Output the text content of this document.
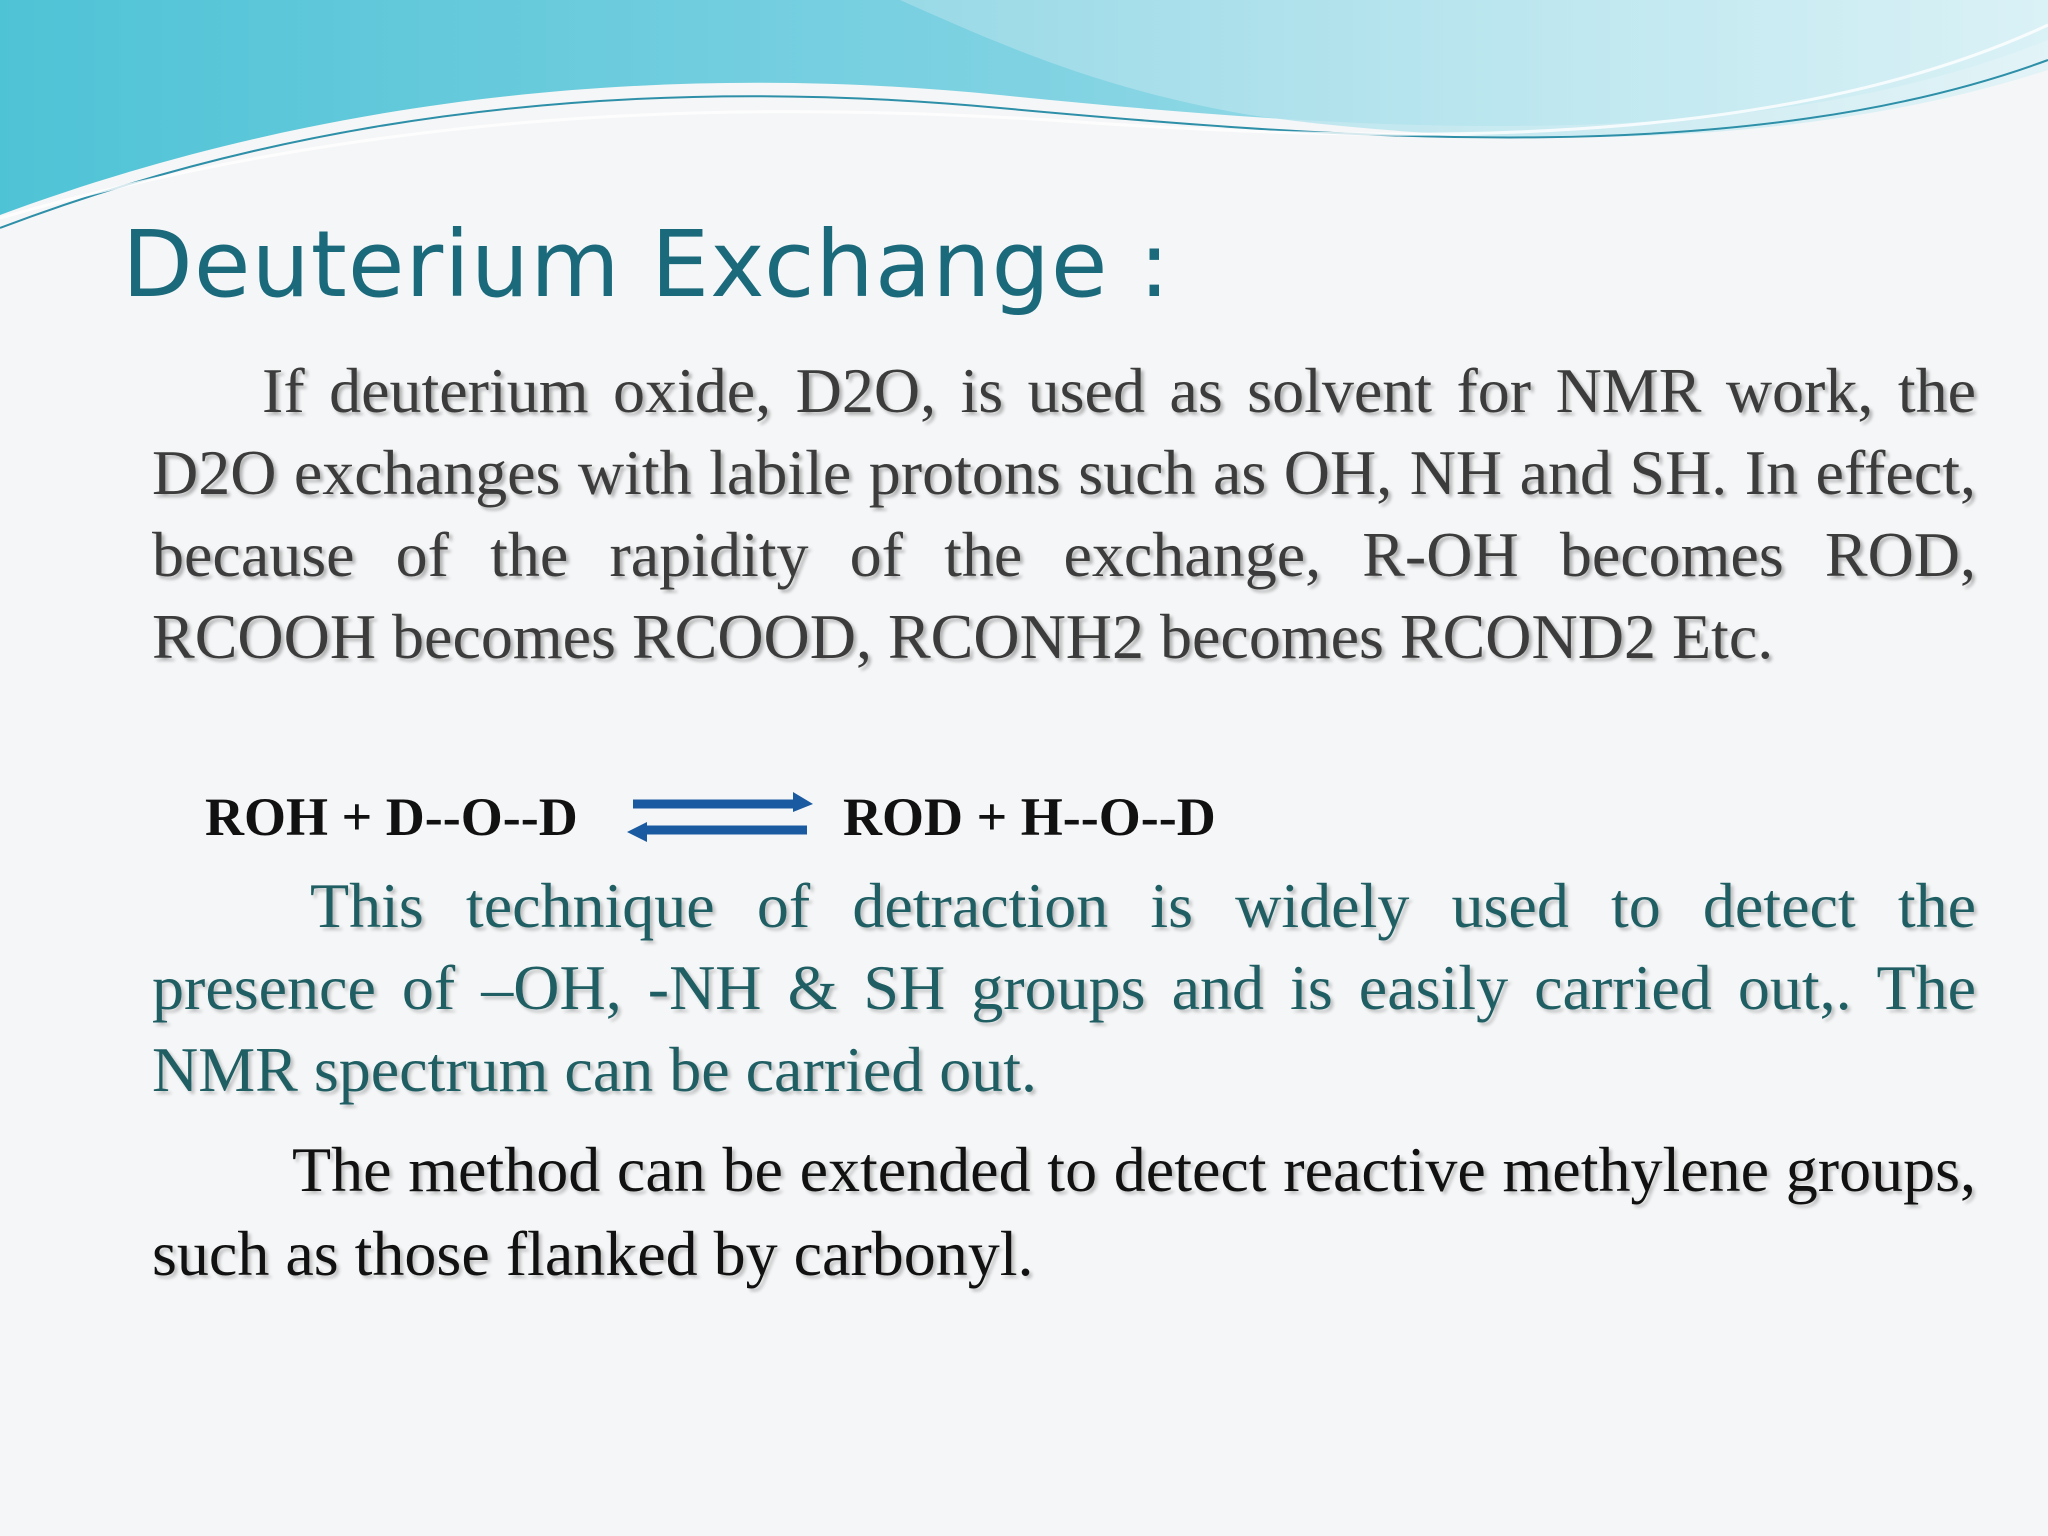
Deuterium Exchange :

If deuterium oxide, D2O, is used as solvent for NMR work, the D2O exchanges with labile protons such as OH, NH and SH. In effect, because of the rapidity of the exchange, R-OH becomes ROD, RCOOH becomes RCOOD, RCONH2 becomes RCOND2 Etc.

ROH + D--O--D ⇌ ROD + H--O--D

This technique of detraction is widely used to detect the presence of –OH, -NH & SH groups and is easily carried out,. The NMR spectrum can be carried out.

The method can be extended to detect reactive methylene groups, such as those flanked by carbonyl.
